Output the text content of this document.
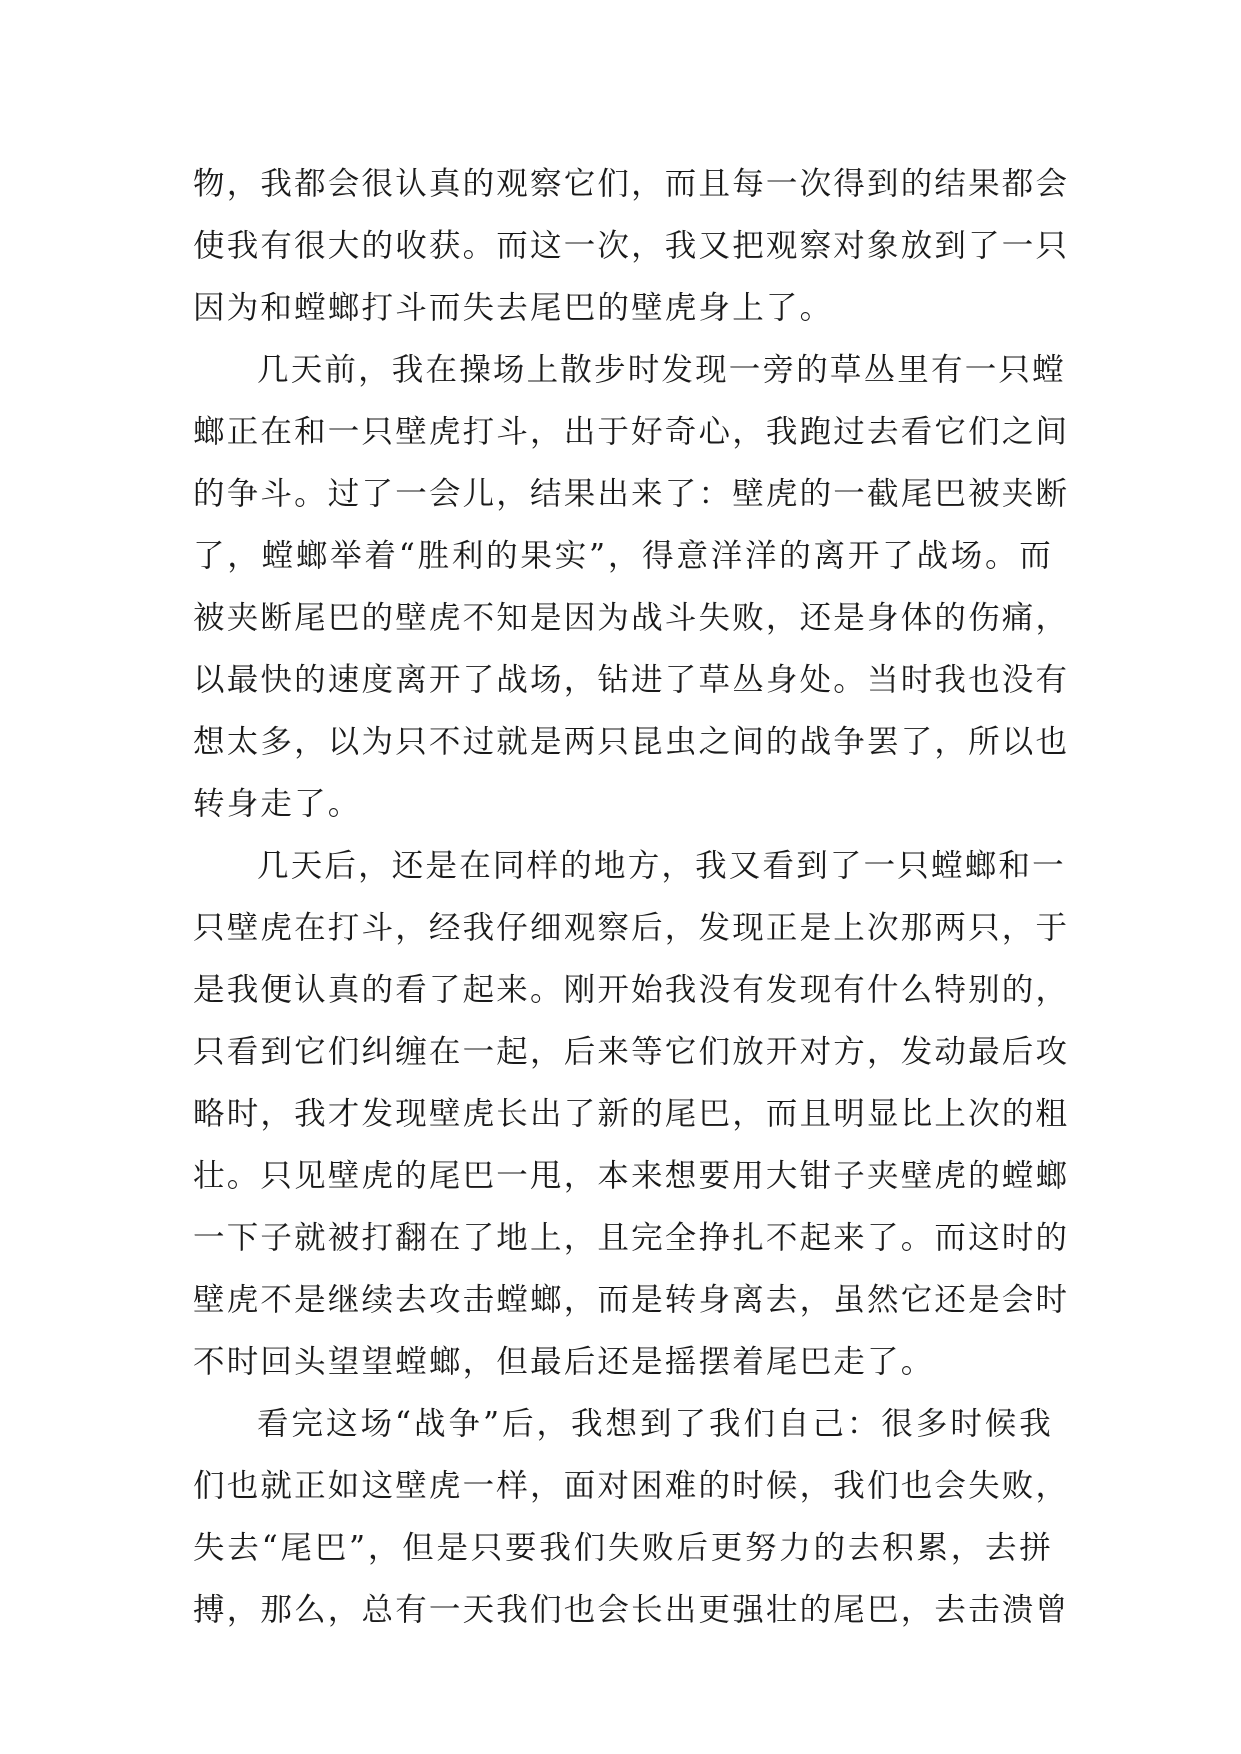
物，我都会很认真的观察它们，而且每一次得到的结果都会
使我有很大的收获。而这一次，我又把观察对象放到了一只
因为和螳螂打斗而失去尾巴的壁虎身上了。
几天前，我在操场上散步时发现一旁的草丛里有一只螳
螂正在和一只壁虎打斗，出于好奇心，我跑过去看它们之间
的争斗。过了一会儿，结果出来了：壁虎的一截尾巴被夹断
了，螳螂举着“胜利的果实”，得意洋洋的离开了战场。而
被夹断尾巴的壁虎不知是因为战斗失败，还是身体的伤痛，
以最快的速度离开了战场，钻进了草丛身处。当时我也没有
想太多，以为只不过就是两只昆虫之间的战争罢了，所以也
转身走了。
几天后，还是在同样的地方，我又看到了一只螳螂和一
只壁虎在打斗，经我仔细观察后，发现正是上次那两只，于
是我便认真的看了起来。刚开始我没有发现有什么特别的，
只看到它们纠缠在一起，后来等它们放开对方，发动最后攻
略时，我才发现壁虎长出了新的尾巴，而且明显比上次的粗
壮。只见壁虎的尾巴一甩，本来想要用大钳子夹壁虎的螳螂
一下子就被打翻在了地上，且完全挣扎不起来了。而这时的
壁虎不是继续去攻击螳螂，而是转身离去，虽然它还是会时
不时回头望望螳螂，但最后还是摇摆着尾巴走了。
看完这场“战争”后，我想到了我们自己：很多时候我
们也就正如这壁虎一样，面对困难的时候，我们也会失败，
失去“尾巴”，但是只要我们失败后更努力的去积累，去拼
搏，那么，总有一天我们也会长出更强壮的尾巴，去击溃曾
